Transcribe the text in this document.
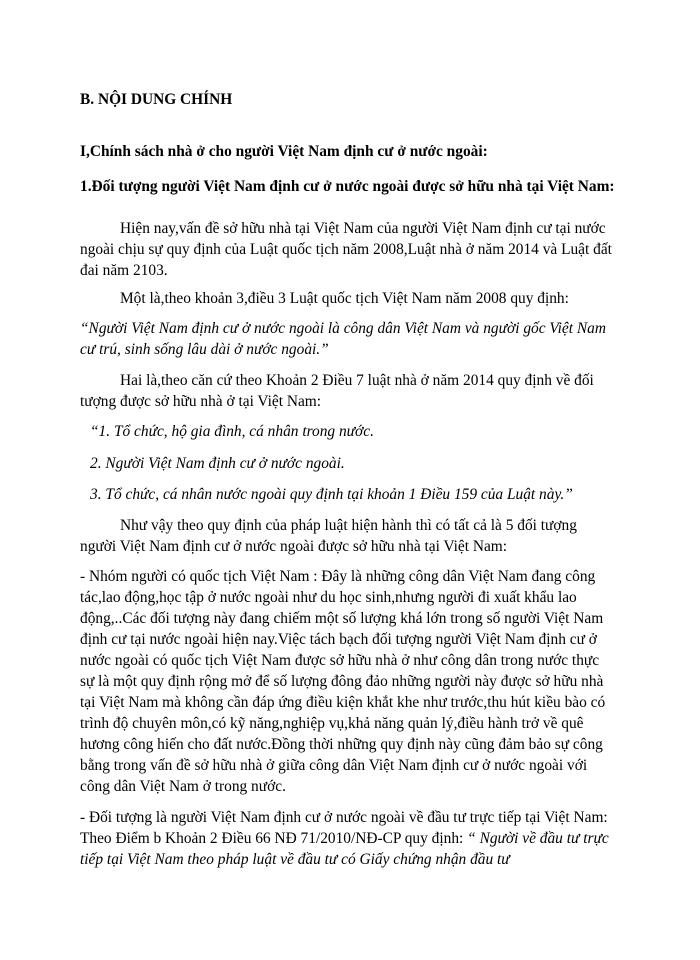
B. NỘI DUNG CHÍNH
I,Chính sách nhà ở cho người Việt Nam định cư ở nước ngoài:
1.Đối tượng người Việt Nam định cư ở nước ngoài được sở hữu nhà tại Việt Nam:
Hiện nay,vấn đề sở hữu nhà tại Việt Nam của người Việt Nam định cư tại nước ngoài chịu sự quy định của Luật quốc tịch năm 2008,Luật nhà ở năm 2014 và Luật đất đai năm 2103.
Một là,theo khoản 3,điều 3 Luật quốc tịch Việt Nam năm 2008 quy định:
“Người Việt Nam định cư ở nước ngoài là công dân Việt Nam và người gốc Việt Nam cư trú, sinh sống lâu dài ở nước ngoài.”
Hai là,theo căn cứ theo Khoản 2 Điều 7 luật nhà ở năm 2014 quy định về đối tượng được sở hữu nhà ở tại Việt Nam:
“1. Tổ chức, hộ gia đình, cá nhân trong nước.
2. Người Việt Nam định cư ở nước ngoài.
3. Tổ chức, cá nhân nước ngoài quy định tại khoản 1 Điều 159 của Luật này.”
Như vậy theo quy định của pháp luật hiện hành thì có tất cả là 5 đối tượng người Việt Nam định cư ở nước ngoài được sở hữu nhà tại Việt Nam:
- Nhóm người có quốc tịch Việt Nam : Đây là những công dân Việt Nam đang công tác,lao động,học tập ở nước ngoài như du học sinh,nhưng người đi xuất khẩu lao động,..Các đối tượng này đang chiếm một số lượng khá lớn trong số người Việt Nam định cư tại nước ngoài hiện nay.Việc tách bạch đối tượng người Việt Nam định cư ở nước ngoài có quốc tịch Việt Nam được sở hữu nhà ở như công dân trong nước thực sự là một quy định rộng mở để số lượng đông đảo những người này được sở hữu nhà tại Việt Nam mà không cần đáp ứng điều kiện khắt khe như trước,thu hút kiều bào có trình độ chuyên môn,có kỹ năng,nghiệp vụ,khả năng quản lý,điều hành trở về quê hương công hiến cho đất nước.Đồng thời những quy định này cũng đảm bảo sự công bằng trong vấn đề sở hữu nhà ở giữa công dân Việt Nam định cư ở nước ngoài với công dân Việt Nam ở trong nước.
- Đối tượng là người Việt Nam định cư ở nước ngoài về đầu tư trực tiếp tại Việt Nam: Theo Điểm b Khoản 2 Điều 66 NĐ 71/2010/NĐ-CP quy định: “ Người về đầu tư trực tiếp tại Việt Nam theo pháp luật về đầu tư có Giấy chứng nhận đầu tư
